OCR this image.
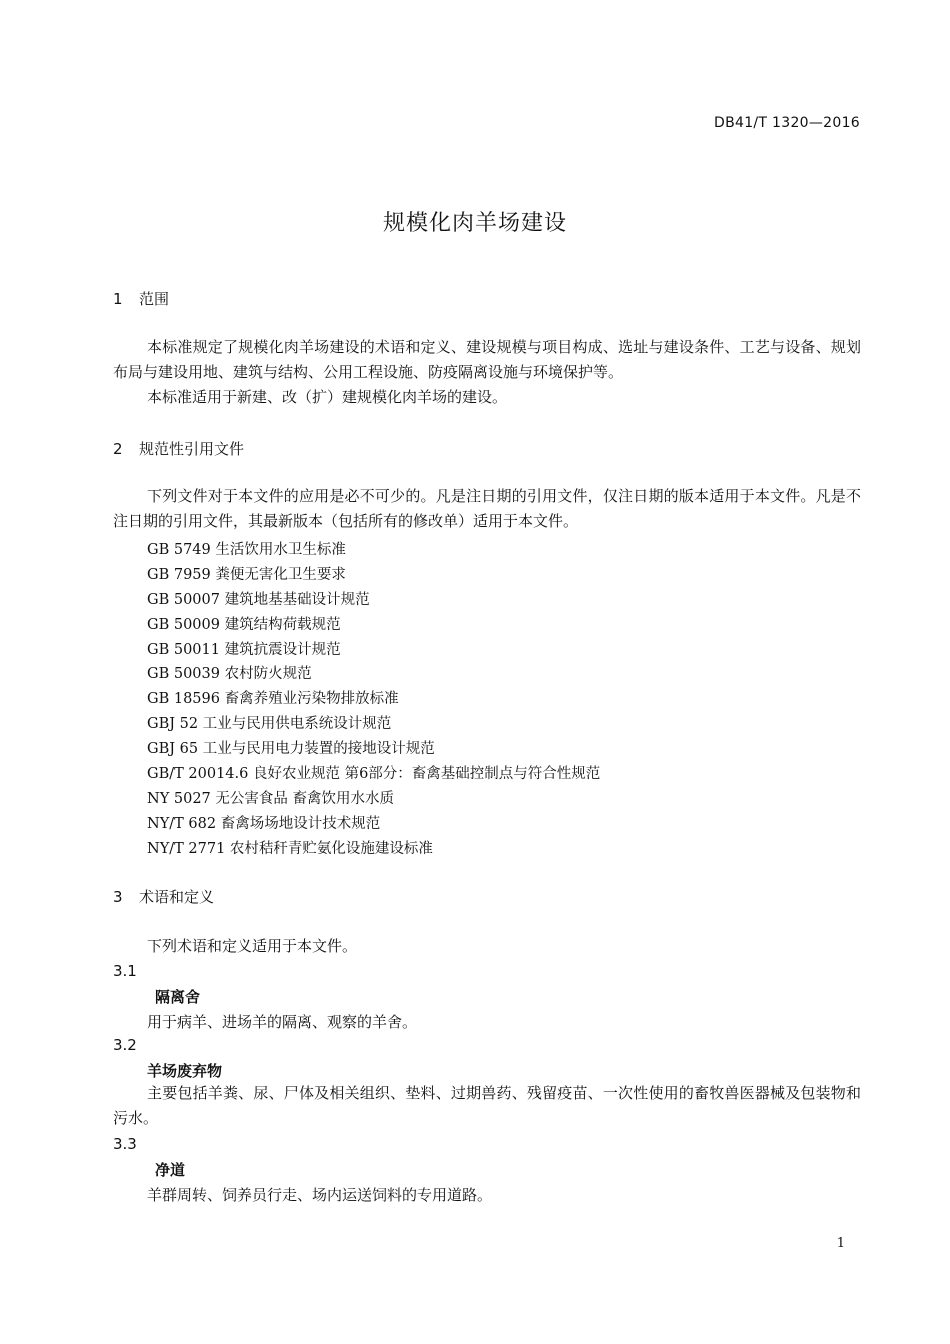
DB41/T 1320—2016
规模化肉羊场建设
1 范围
本标准规定了规模化肉羊场建设的术语和定义、建设规模与项目构成、选址与建设条件、工艺与设备、规划布局与建设用地、建筑与结构、公用工程设施、防疫隔离设施与环境保护等。
本标准适用于新建、改（扩）建规模化肉羊场的建设。
2 规范性引用文件
下列文件对于本文件的应用是必不可少的。凡是注日期的引用文件，仅注日期的版本适用于本文件。凡是不注日期的引用文件，其最新版本（包括所有的修改单）适用于本文件。
GB 5749 生活饮用水卫生标准
GB 7959 粪便无害化卫生要求
GB 50007 建筑地基基础设计规范
GB 50009 建筑结构荷载规范
GB 50011 建筑抗震设计规范
GB 50039 农村防火规范
GB 18596 畜禽养殖业污染物排放标准
GBJ 52 工业与民用供电系统设计规范
GBJ 65 工业与民用电力装置的接地设计规范
GB/T 20014.6 良好农业规范 第6部分：畜禽基础控制点与符合性规范
NY 5027 无公害食品 畜禽饮用水水质
NY/T 682 畜禽场场地设计技术规范
NY/T 2771 农村秸秆青贮氨化设施建设标准
3 术语和定义
下列术语和定义适用于本文件。
3.1
隔离舍
用于病羊、进场羊的隔离、观察的羊舍。
3.2
羊场废弃物
主要包括羊粪、尿、尸体及相关组织、垫料、过期兽药、残留疫苗、一次性使用的畜牧兽医器械及包装物和污水。
3.3
净道
羊群周转、饲养员行走、场内运送饲料的专用道路。
1
